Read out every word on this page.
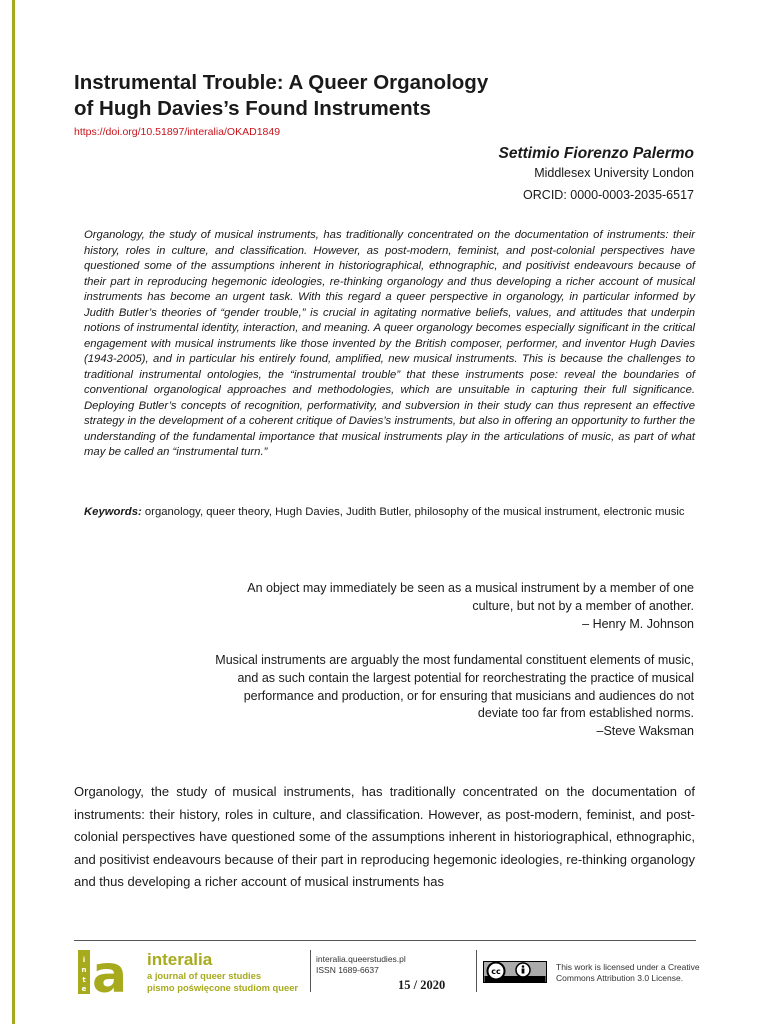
Instrumental Trouble: A Queer Organology
of Hugh Davies’s Found Instruments
https://doi.org/10.51897/interalia/OKAD1849
Settimio Fiorenzo Palermo
Middlesex University London
ORCID: 0000-0003-2035-6517

Organology, the study of musical instruments, has traditionally concentrated on the documentation of instruments: their history, roles in culture, and classification. However, as post-modern, feminist, and post-colonial perspectives have questioned some of the assumptions inherent in historiographical, ethnographic, and positivist endeavours because of their part in reproducing hegemonic ideologies, re-thinking organology and thus developing a richer account of musical instruments has become an urgent task. With this regard a queer perspective in organology, in particular informed by Judith Butler’s theories of “gender trouble,” is crucial in agitating normative beliefs, values, and attitudes that underpin notions of instrumental identity, interaction, and meaning. A queer organology becomes especially significant in the critical engagement with musical instruments like those invented by the British composer, performer, and inventor Hugh Davies (1943-2005), and in particular his entirely found, amplified, new musical instruments. This is because the challenges to traditional instrumental ontologies, the “instrumental trouble” that these instruments pose: reveal the boundaries of conventional organological approaches and methodologies, which are unsuitable in capturing their full significance. Deploying Butler’s concepts of recognition, performativity, and subversion in their study can thus represent an effective strategy in the development of a coherent critique of Davies’s instruments, but also in offering an opportunity to further the understanding of the fundamental importance that musical instruments play in the articulations of music, as part of what may be called an “instrumental turn.”

Keywords: organology, queer theory, Hugh Davies, Judith Butler, philosophy of the musical instrument, electronic music

An object may immediately be seen as a musical instrument by a member of one
culture, but not by a member of another.
– Henry M. Johnson
Musical instruments are arguably the most fundamental constituent elements of music,
and as such contain the largest potential for reorchestrating the practice of musical
performance and production, or for ensuring that musicians and audiences do not
deviate too far from established norms.
–Steve Waksman

Organology, the study of musical instruments, has traditionally concentrated on the documentation of instruments: their history, roles in culture, and classification. However, as post-modern, feminist, and post-colonial perspectives have questioned some of the assumptions inherent in historiographical, ethnographic, and positivist endeavours because of their part in reproducing hegemonic ideologies, re-thinking organology and thus developing a richer account of musical instruments has

i
n
t
e a interalia
a journal of queer studies
pismo poświęcone studiom queer
interalia.queerstudies.pl
ISSN 1689-6637
15 / 2020
cc	This work is licensed under a Creative
Commons Attribution 3.0 License.
